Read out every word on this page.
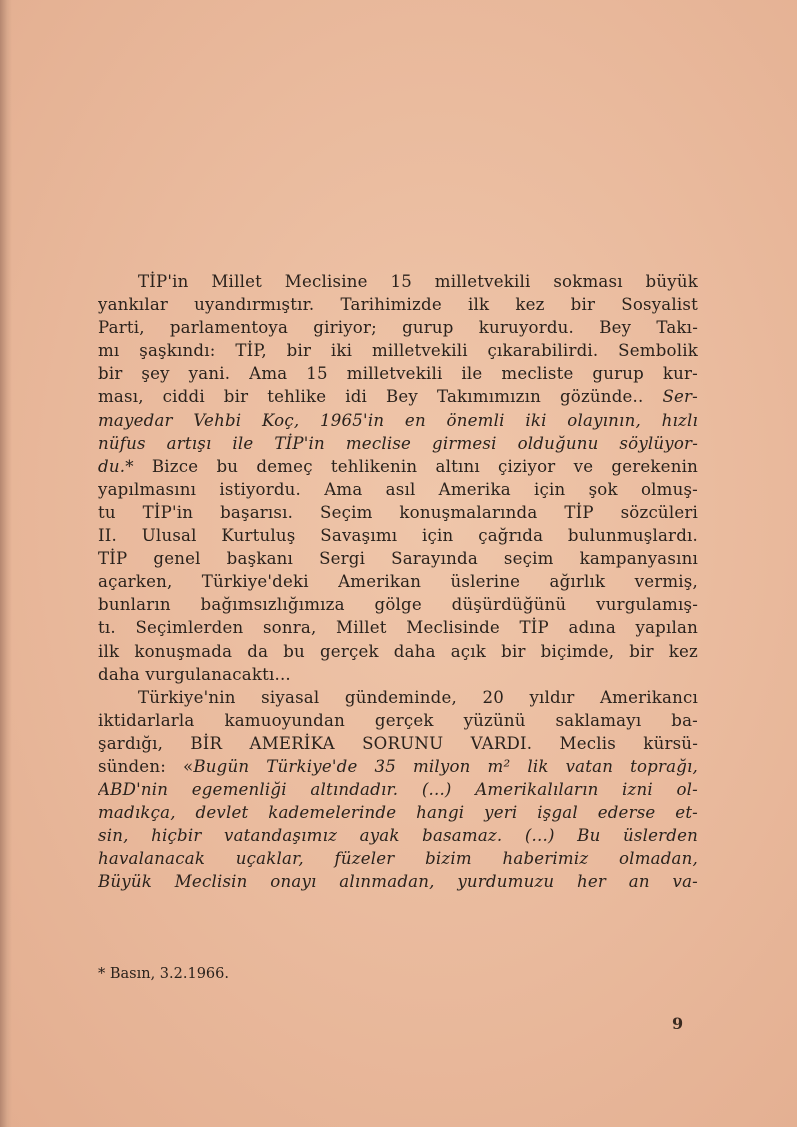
TİP'in Millet Meclisine 15 milletvekili sokması büyük
yankılar uyandırmıştır. Tarihimizde ilk kez bir Sosyalist
Parti, parlamentoya giriyor; gurup kuruyordu. Bey Takı-
mı şaşkındı: TİP, bir iki milletvekili çıkarabilirdi. Sembolik
bir şey yani. Ama 15 milletvekili ile mecliste gurup kur-
ması, ciddi bir tehlike idi Bey Takımımızın gözünde.. Ser-
mayedar Vehbi Koç, 1965'in en önemli iki olayının, hızlı
nüfus artışı ile TİP'in meclise girmesi olduğunu söylüyor-
du.* Bizce bu demeç tehlikenin altını çiziyor ve gerekenin
yapılmasını istiyordu. Ama asıl Amerika için şok olmuş-
tu TİP'in başarısı. Seçim konuşmalarında TİP sözcüleri
II. Ulusal Kurtuluş Savaşımı için çağrıda bulunmuşlardı.
TİP genel başkanı Sergi Sarayında seçim kampanyasını
açarken, Türkiye'deki Amerikan üslerine ağırlık vermiş,
bunların bağımsızlığımıza gölge düşürdüğünü vurgulamış-
tı. Seçimlerden sonra, Millet Meclisinde TİP adına yapılan
ilk konuşmada da bu gerçek daha açık bir biçimde, bir kez
daha vurgulanacaktı...
Türkiye'nin siyasal gündeminde, 20 yıldır Amerikancı
iktidarlarla kamuoyundan gerçek yüzünü saklamayı ba-
şardığı, BİR AMERİKA SORUNU VARDI. Meclis kürsü-
sünden: «Bugün Türkiye'de 35 milyon m² lik vatan toprağı,
ABD'nin egemenliği altındadır. (...) Amerikalıların izni ol-
madıkça, devlet kademelerinde hangi yeri işgal ederse et-
sin, hiçbir vatandaşımız ayak basamaz. (...) Bu üslerden
havalanacak uçaklar, füzeler bizim haberimiz olmadan,
Büyük Meclisin onayı alınmadan, yurdumuzu her an va-
* Basın, 3.2.1966.
9
